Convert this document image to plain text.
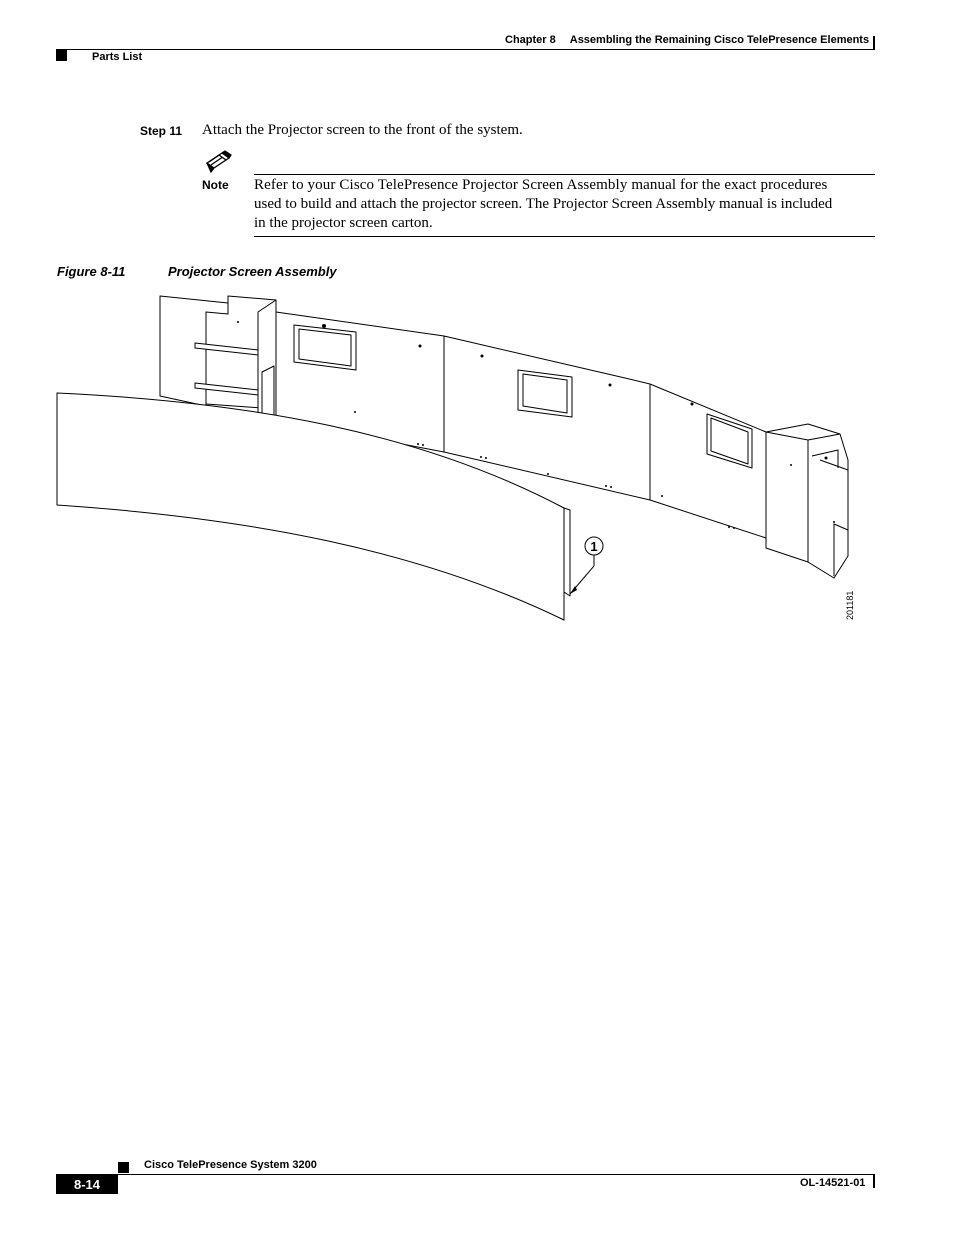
Chapter 8 Assembling the Remaining Cisco TelePresence Elements
Parts List
Step 11 Attach the Projector screen to the front of the system.
Note Refer to your Cisco TelePresence Projector Screen Assembly manual for the exact procedures
used to build and attach the projector screen. The Projector Screen Assembly manual is included
in the projector screen carton.
Figure 8-11	Projector Screen Assembly
1
201181
Cisco TelePresence System 3200
8-14	OL-14521-01
